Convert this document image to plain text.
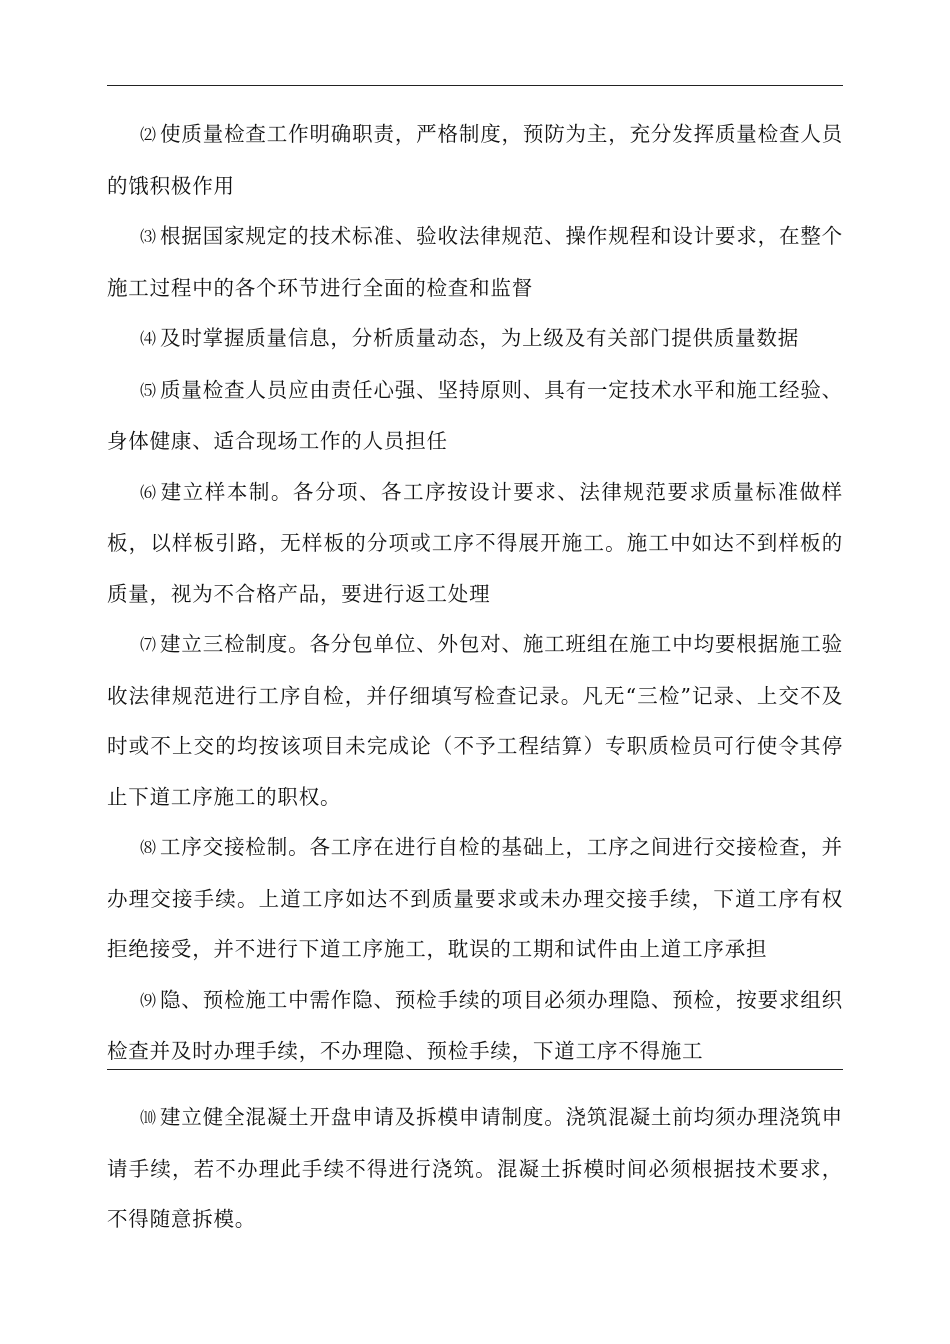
⑵ 使质量检查工作明确职责，严格制度，预防为主，充分发挥质量检查人员的饿积极作用

⑶ 根据国家规定的技术标准、验收法律规范、操作规程和设计要求，在整个施工过程中的各个环节进行全面的检查和监督

⑷ 及时掌握质量信息，分析质量动态，为上级及有关部门提供质量数据

⑸ 质量检查人员应由责任心强、坚持原则、具有一定技术水平和施工经验、身体健康、适合现场工作的人员担任

⑹ 建立样本制。各分项、各工序按设计要求、法律规范要求质量标准做样板，以样板引路，无样板的分项或工序不得展开施工。施工中如达不到样板的质量，视为不合格产品，要进行返工处理

⑺ 建立三检制度。各分包单位、外包对、施工班组在施工中均要根据施工验收法律规范进行工序自检，并仔细填写检查记录。凡无“三检”记录、上交不及时或不上交的均按该项目未完成论（不予工程结算）专职质检员可行使令其停止下道工序施工的职权。

⑻ 工序交接检制。各工序在进行自检的基础上，工序之间进行交接检查，并办理交接手续。上道工序如达不到质量要求或未办理交接手续，下道工序有权拒绝接受，并不进行下道工序施工，耽误的工期和试件由上道工序承担

⑼ 隐、预检施工中需作隐、预检手续的项目必须办理隐、预检，按要求组织检查并及时办理手续，不办理隐、预检手续，下道工序不得施工

⑽ 建立健全混凝土开盘申请及拆模申请制度。浇筑混凝土前均须办理浇筑申请手续，若不办理此手续不得进行浇筑。混凝土拆模时间必须根据技术要求，不得随意拆模。
